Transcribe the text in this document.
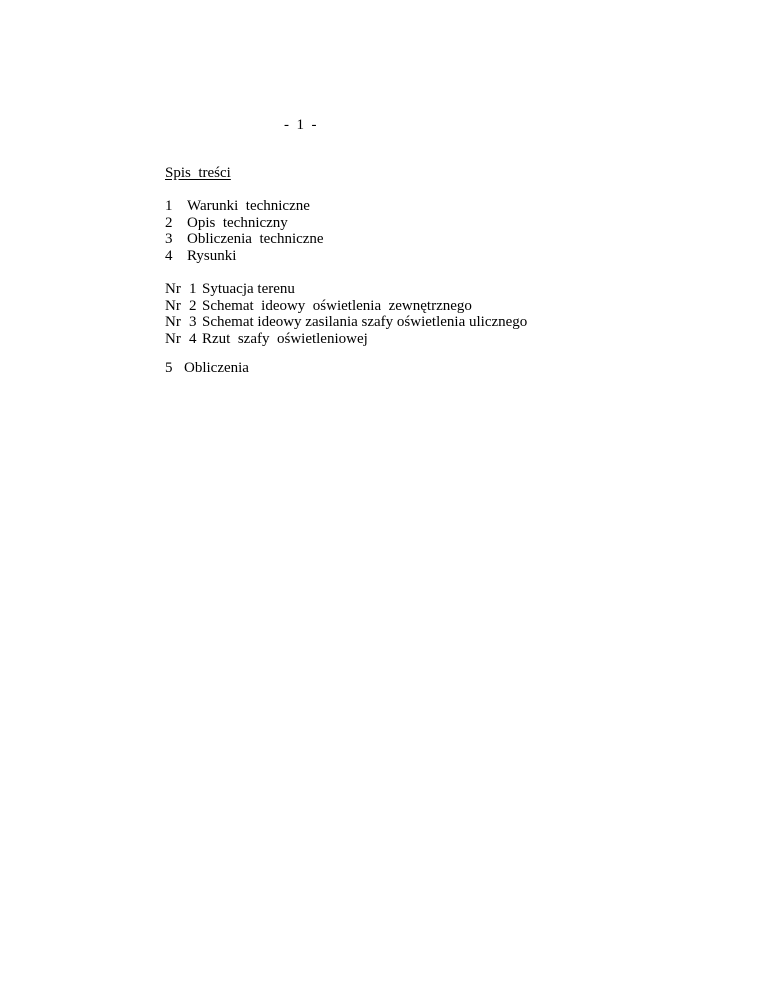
-  1  -
Spis  treści
1 Warunki  techniczne
2 Opis  techniczny
3 Obliczenia  techniczne
4 Rysunki
Nr 1 Sytuacja terenu
Nr 2 Schemat  ideowy  oświetlenia  zewnętrznego
Nr 3 Schemat ideowy zasilania szafy oświetlenia ulicznego
Nr 4 Rzut  szafy  oświetleniowej
5 Obliczenia
